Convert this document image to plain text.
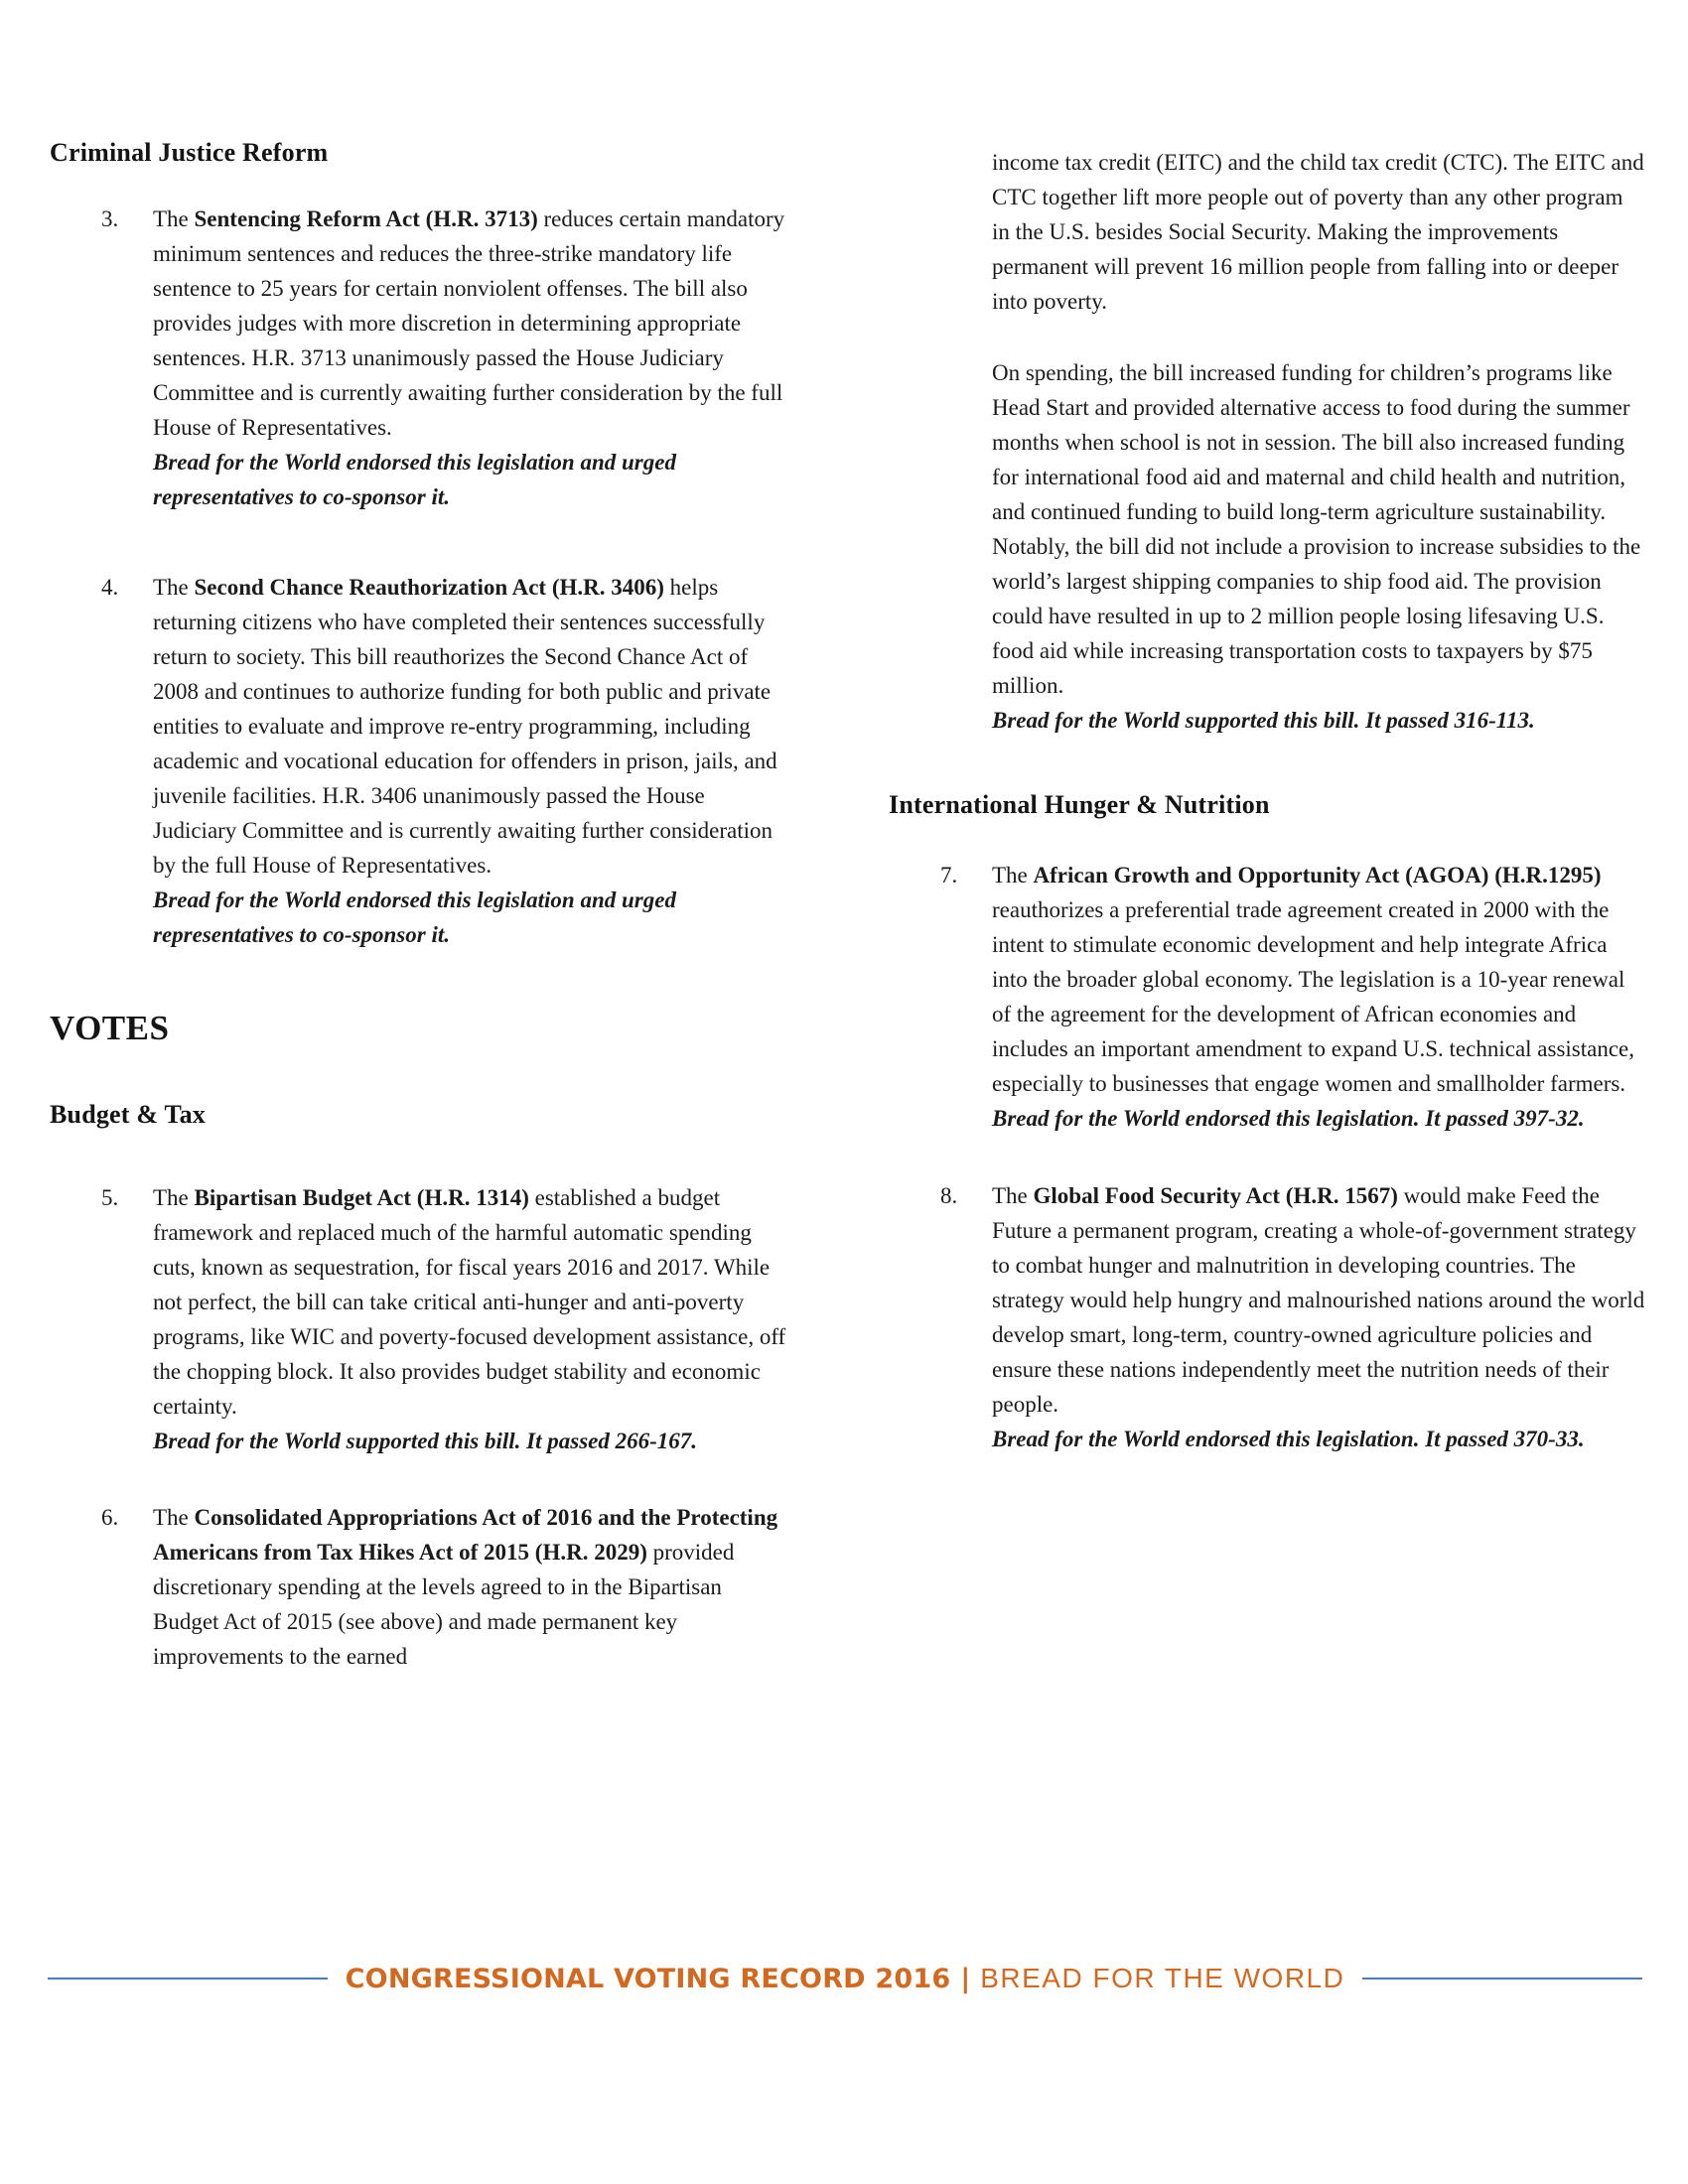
Criminal Justice Reform
3. The Sentencing Reform Act (H.R. 3713) reduces certain mandatory minimum sentences and reduces the three-strike mandatory life sentence to 25 years for certain nonviolent offenses. The bill also provides judges with more discretion in determining appropriate sentences. H.R. 3713 unanimously passed the House Judiciary Committee and is currently awaiting further consideration by the full House of Representatives.
Bread for the World endorsed this legislation and urged representatives to co-sponsor it.
4. The Second Chance Reauthorization Act (H.R. 3406) helps returning citizens who have completed their sentences successfully return to society. This bill reauthorizes the Second Chance Act of 2008 and continues to authorize funding for both public and private entities to evaluate and improve re-entry programming, including academic and vocational education for offenders in prison, jails, and juvenile facilities. H.R. 3406 unanimously passed the House Judiciary Committee and is currently awaiting further consideration by the full House of Representatives.
Bread for the World endorsed this legislation and urged representatives to co-sponsor it.
VOTES
Budget & Tax
5. The Bipartisan Budget Act (H.R. 1314) established a budget framework and replaced much of the harmful automatic spending cuts, known as sequestration, for fiscal years 2016 and 2017. While not perfect, the bill can take critical anti-hunger and anti-poverty programs, like WIC and poverty-focused development assistance, off the chopping block. It also provides budget stability and economic certainty.
Bread for the World supported this bill. It passed 266-167.
6. The Consolidated Appropriations Act of 2016 and the Protecting Americans from Tax Hikes Act of 2015 (H.R. 2029) provided discretionary spending at the levels agreed to in the Bipartisan Budget Act of 2015 (see above) and made permanent key improvements to the earned

income tax credit (EITC) and the child tax credit (CTC). The EITC and CTC together lift more people out of poverty than any other program in the U.S. besides Social Security. Making the improvements permanent will prevent 16 million people from falling into or deeper into poverty.

On spending, the bill increased funding for children’s programs like Head Start and provided alternative access to food during the summer months when school is not in session. The bill also increased funding for international food aid and maternal and child health and nutrition, and continued funding to build long-term agriculture sustainability. Notably, the bill did not include a provision to increase subsidies to the world’s largest shipping companies to ship food aid. The provision could have resulted in up to 2 million people losing lifesaving U.S. food aid while increasing transportation costs to taxpayers by $75 million.
Bread for the World supported this bill. It passed 316-113.
International Hunger & Nutrition
7. The African Growth and Opportunity Act (AGOA) (H.R.1295) reauthorizes a preferential trade agreement created in 2000 with the intent to stimulate economic development and help integrate Africa into the broader global economy. The legislation is a 10-year renewal of the agreement for the development of African economies and includes an important amendment to expand U.S. technical assistance, especially to businesses that engage women and smallholder farmers.
Bread for the World endorsed this legislation. It passed 397-32.
8. The Global Food Security Act (H.R. 1567) would make Feed the Future a permanent program, creating a whole-of-government strategy to combat hunger and malnutrition in developing countries. The strategy would help hungry and malnourished nations around the world develop smart, long-term, country-owned agriculture policies and ensure these nations independently meet the nutrition needs of their people.
Bread for the World endorsed this legislation. It passed 370-33.
CONGRESSIONAL VOTING RECORD 2016 | BREAD FOR THE WORLD
